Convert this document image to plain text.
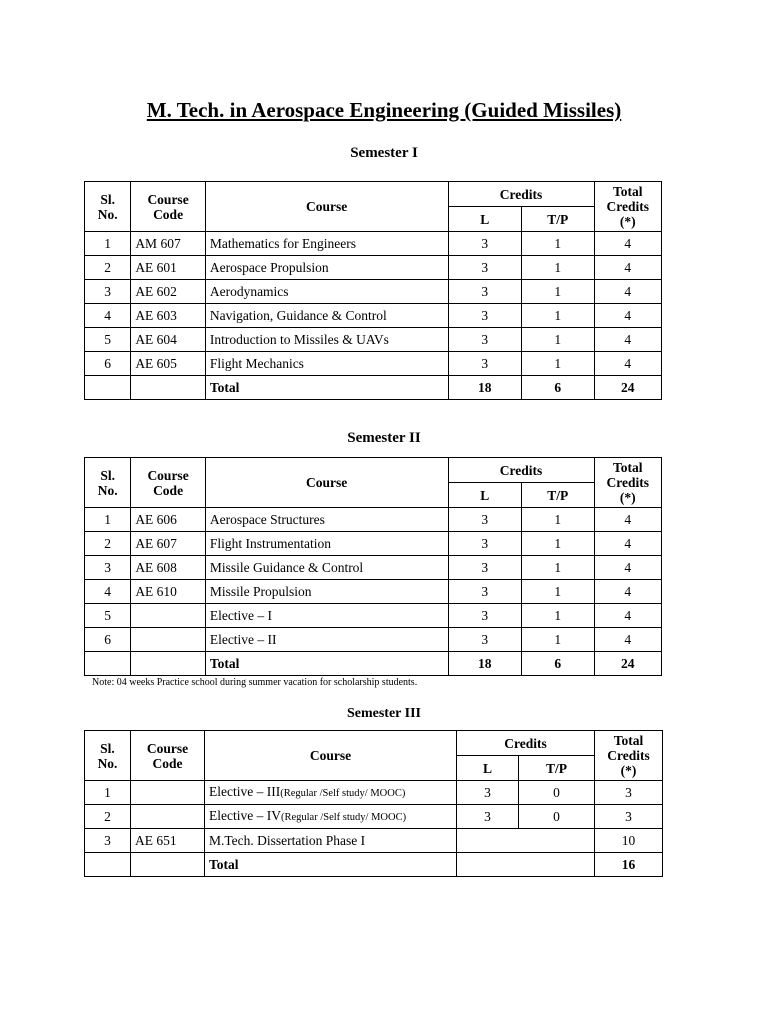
M. Tech. in Aerospace Engineering (Guided Missiles)
Semester I
Sl. No.	Course Code	Course	Credits		Total Credits (*)
			L	T/P	
1	AM 607	Mathematics for Engineers	3	1	4
2	AE 601	Aerospace Propulsion	3	1	4
3	AE 602	Aerodynamics	3	1	4
4	AE 603	Navigation, Guidance & Control	3	1	4
5	AE 604	Introduction to Missiles & UAVs	3	1	4
6	AE 605	Flight Mechanics	3	1	4
		Total	18	6	24
Semester II
Sl. No.	Course Code	Course	Credits		Total Credits (*)
			L	T/P	
1	AE 606	Aerospace Structures	3	1	4
2	AE 607	Flight Instrumentation	3	1	4
3	AE 608	Missile Guidance & Control	3	1	4
4	AE 610	Missile Propulsion	3	1	4
5		Elective – I	3	1	4
6		Elective – II	3	1	4
		Total	18	6	24
Note: 04 weeks Practice school during summer vacation for scholarship students.
Semester III
Sl. No.	Course Code	Course	Credits		Total Credits
(*)
			L	T/P	
1		Elective – III(Regular /Self study/ MOOC)	3	0	3
2		Elective – IV(Regular /Self study/ MOOC)	3	0	3
3	AE 651	M.Tech. Dissertation Phase I			10
		Total			16
